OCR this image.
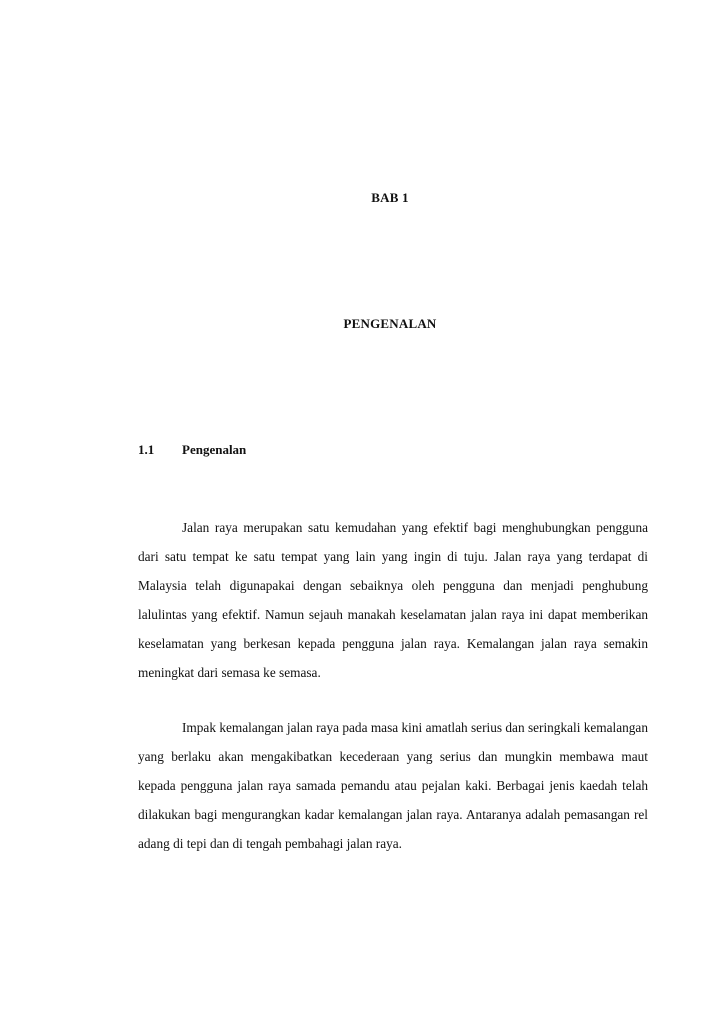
BAB 1
PENGENALAN
1.1	Pengenalan

Jalan raya merupakan satu kemudahan yang efektif bagi menghubungkan pengguna dari satu tempat ke satu tempat yang lain yang ingin di tuju. Jalan raya yang terdapat di Malaysia telah digunapakai dengan sebaiknya oleh pengguna dan menjadi penghubung lalulintas yang efektif. Namun sejauh manakah keselamatan jalan raya ini dapat memberikan keselamatan yang berkesan kepada pengguna jalan raya. Kemalangan jalan raya semakin meningkat dari semasa ke semasa.

Impak kemalangan jalan raya pada masa kini amatlah serius dan seringkali kemalangan yang berlaku akan mengakibatkan kecederaan yang serius dan mungkin membawa maut kepada pengguna jalan raya samada pemandu atau pejalan kaki. Berbagai jenis kaedah telah dilakukan bagi mengurangkan kadar kemalangan jalan raya. Antaranya adalah pemasangan rel adang di tepi dan di tengah pembahagi jalan raya.
